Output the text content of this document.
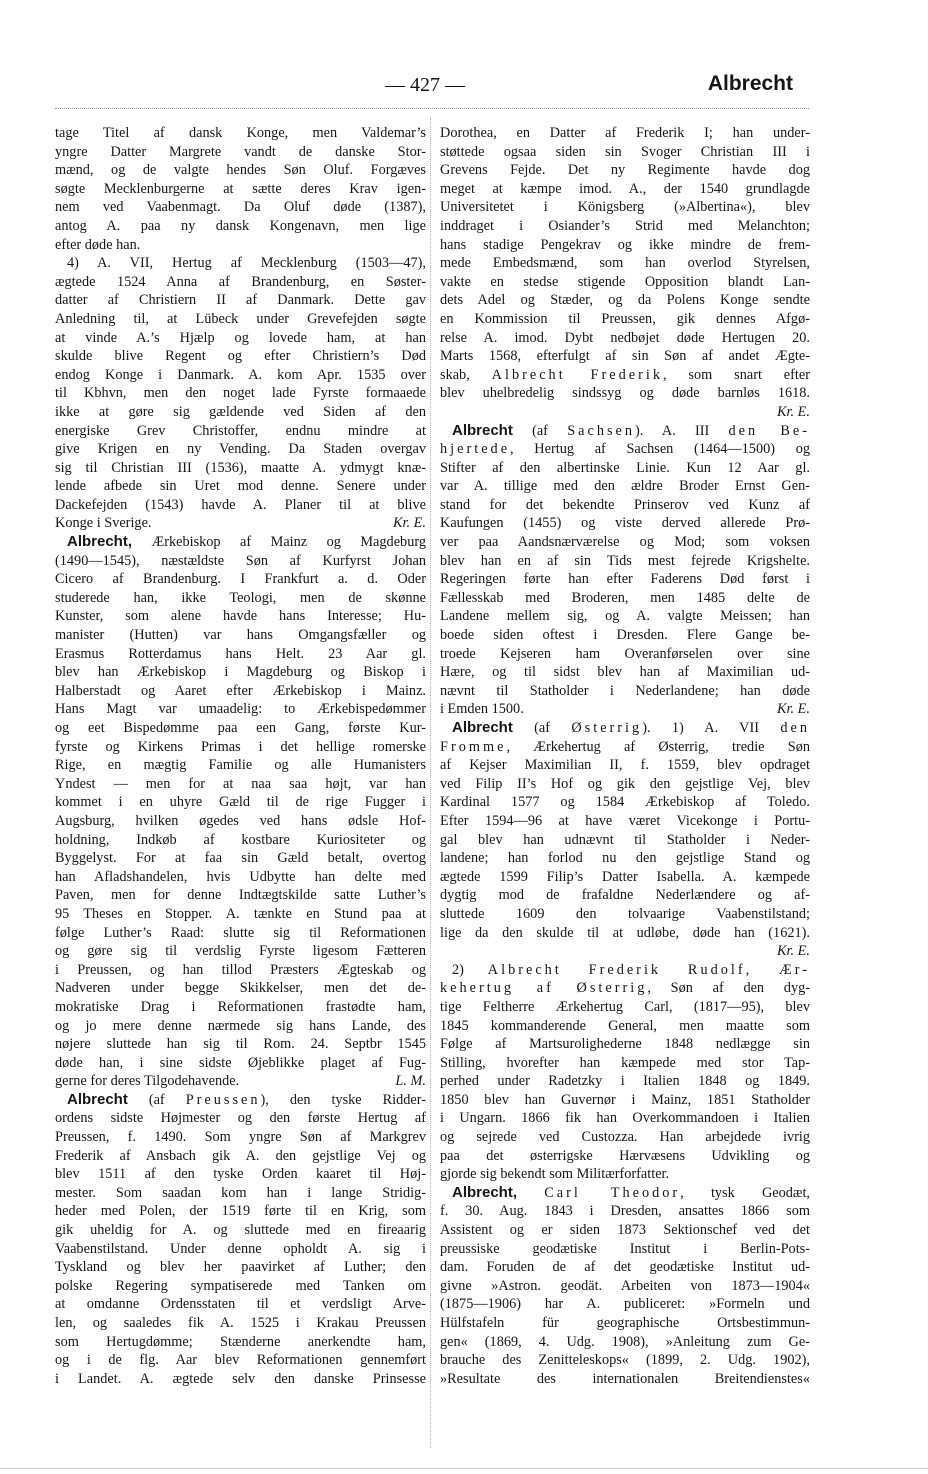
— 427 —	Albrecht
tage Titel af dansk Konge, men Valdemar’s
yngre Datter Margrete vandt de danske Stor-
mænd, og de valgte hendes Søn Oluf. Forgæves
søgte Mecklenburgerne at sætte deres Krav igen-
nem ved Vaabenmagt. Da Oluf døde (1387),
antog A. paa ny dansk Kongenavn, men lige
efter døde han.
4) A. VII, Hertug af Mecklenburg (1503—47),
ægtede 1524 Anna af Brandenburg, en Søster-
datter af Christiern II af Danmark. Dette gav
Anledning til, at Lübeck under Grevefejden søgte
at vinde A.’s Hjælp og lovede ham, at han
skulde blive Regent og efter Christiern’s Død
endog Konge i Danmark. A. kom Apr. 1535 over
til Kbhvn, men den noget lade Fyrste formaaede
ikke at gøre sig gældende ved Siden af den
energiske Grev Christoffer, endnu mindre at
give Krigen en ny Vending. Da Staden overgav
sig til Christian III (1536), maatte A. ydmygt knæ-
lende afbede sin Uret mod denne. Senere under
Dackefejden (1543) havde A. Planer til at blive
Kr. E.
Konge i Sverige.
Albrecht, Ærkebiskop af Mainz og Magdeburg
(1490—1545), næstældste Søn af Kurfyrst Johan
Cicero af Brandenburg. I Frankfurt a. d. Oder
studerede han, ikke Teologi, men de skønne
Kunster, som alene havde hans Interesse; Hu-
manister (Hutten) var hans Omgangsfæller og
Erasmus Rotterdamus hans Helt. 23 Aar gl.
blev han Ærkebiskop i Magdeburg og Biskop i
Halberstadt og Aaret efter Ærkebiskop i Mainz.
Hans Magt var umaadelig: to Ærkebispedømmer
og eet Bispedømme paa een Gang, første Kur-
fyrste og Kirkens Primas i det hellige romerske
Rige, en mægtig Familie og alle Humanisters
Yndest — men for at naa saa højt, var han
kommet i en uhyre Gæld til de rige Fugger i
Augsburg, hvilken øgedes ved hans ødsle Hof-
holdning, Indkøb af kostbare Kuriositeter og
Byggelyst. For at faa sin Gæld betalt, overtog
han Afladshandelen, hvis Udbytte han delte med
Paven, men for denne Indtægtskilde satte Luther’s
95 Theses en Stopper. A. tænkte en Stund paa at
følge Luther’s Raad: slutte sig til Reformationen
og gøre sig til verdslig Fyrste ligesom Fætteren
i Preussen, og han tillod Præsters Ægteskab og
Nadveren under begge Skikkelser, men det de-
mokratiske Drag i Reformationen frastødte ham,
og jo mere denne nærmede sig hans Lande, des
nøjere sluttede han sig til Rom. 24. Septbr 1545
døde han, i sine sidste Øjeblikke plaget af Fug-
L. M.
gerne for deres Tilgodehavende.
Albrecht (af Preussen), den tyske Ridder-
ordens sidste Højmester og den første Hertug af
Preussen, f. 1490. Som yngre Søn af Markgrev
Frederik af Ansbach gik A. den gejstlige Vej og
blev 1511 af den tyske Orden kaaret til Høj-
mester. Som saadan kom han i lange Stridig-
heder med Polen, der 1519 førte til en Krig, som
gik uheldig for A. og sluttede med en fireaarig
Vaabenstilstand. Under denne opholdt A. sig i
Tyskland og blev her paavirket af Luther; den
polske Regering sympatiserede med Tanken om
at omdanne Ordensstaten til et verdsligt Arve-
len, og saaledes fik A. 1525 i Krakau Preussen
som Hertugdømme; Stænderne anerkendte ham,
og i de flg. Aar blev Reformationen gennemført
i Landet. A. ægtede selv den danske Prinsesse
Dorothea, en Datter af Frederik I; han under-
støttede ogsaa siden sin Svoger Christian III i
Grevens Fejde. Det ny Regimente havde dog
meget at kæmpe imod. A., der 1540 grundlagde
Universitetet i Königsberg (»Albertina«), blev
inddraget i Osiander’s Strid med Melanchton;
hans stadige Pengekrav og ikke mindre de frem-
mede Embedsmænd, som han overlod Styrelsen,
vakte en stedse stigende Opposition blandt Lan-
dets Adel og Stæder, og da Polens Konge sendte
en Kommission til Preussen, gik dennes Afgø-
relse A. imod. Dybt nedbøjet døde Hertugen 20.
Marts 1568, efterfulgt af sin Søn af andet Ægte-
skab, Albrecht Frederik, som snart efter
blev uhelbredelig sindssyg og døde barnløs 1618.
Kr. E.
Albrecht (af Sachsen). A. III den Be-
hjertede, Hertug af Sachsen (1464—1500) og
Stifter af den albertinske Linie. Kun 12 Aar gl.
var A. tillige med den ældre Broder Ernst Gen-
stand for det bekendte Prinserov ved Kunz af
Kaufungen (1455) og viste derved allerede Prø-
ver paa Aandsnærværelse og Mod; som voksen
blev han en af sin Tids mest fejrede Krigshelte.
Regeringen førte han efter Faderens Død først i
Fællesskab med Broderen, men 1485 delte de
Landene mellem sig, og A. valgte Meissen; han
boede siden oftest i Dresden. Flere Gange be-
troede Kejseren ham Overanførselen over sine
Hære, og til sidst blev han af Maximilian ud-
nævnt til Statholder i Nederlandene; han døde
Kr. E.
i Emden 1500.
Albrecht (af Østerrig). 1) A. VII den
Fromme, Ærkehertug af Østerrig, tredie Søn
af Kejser Maximilian II, f. 1559, blev opdraget
ved Filip II’s Hof og gik den gejstlige Vej, blev
Kardinal 1577 og 1584 Ærkebiskop af Toledo.
Efter 1594—96 at have været Vicekonge i Portu-
gal blev han udnævnt til Statholder i Neder-
landene; han forlod nu den gejstlige Stand og
ægtede 1599 Filip’s Datter Isabella. A. kæmpede
dygtig mod de frafaldne Nederlændere og af-
sluttede 1609 den tolvaarige Vaabenstilstand;
lige da den skulde til at udløbe, døde han (1621).
Kr. E.
2) Albrecht Frederik Rudolf, Ær-
kehertug af Østerrig, Søn af den dyg-
tige Feltherre Ærkehertug Carl, (1817—95), blev
1845 kommanderende General, men maatte som
Følge af Martsurolighederne 1848 nedlægge sin
Stilling, hvorefter han kæmpede med stor Tap-
perhed under Radetzky i Italien 1848 og 1849.
1850 blev han Guvernør i Mainz, 1851 Statholder
i Ungarn. 1866 fik han Overkommandoen i Italien
og sejrede ved Custozza. Han arbejdede ivrig
paa det østerrigske Hærvæsens Udvikling og
gjorde sig bekendt som Militærforfatter.
Albrecht, Carl Theodor, tysk Geodæt,
f. 30. Aug. 1843 i Dresden, ansattes 1866 som
Assistent og er siden 1873 Sektionschef ved det
preussiske geodætiske Institut i Berlin-Pots-
dam. Foruden de af det geodætiske Institut ud-
givne »Astron. geodät. Arbeiten von 1873—1904«
(1875—1906) har A. publiceret: »Formeln und
Hülfstafeln für geographische Ortsbestimmun-
gen« (1869, 4. Udg. 1908), »Anleitung zum Ge-
brauche des Zenitteleskops« (1899, 2. Udg. 1902),
»Resultate des internationalen Breitendienstes«
